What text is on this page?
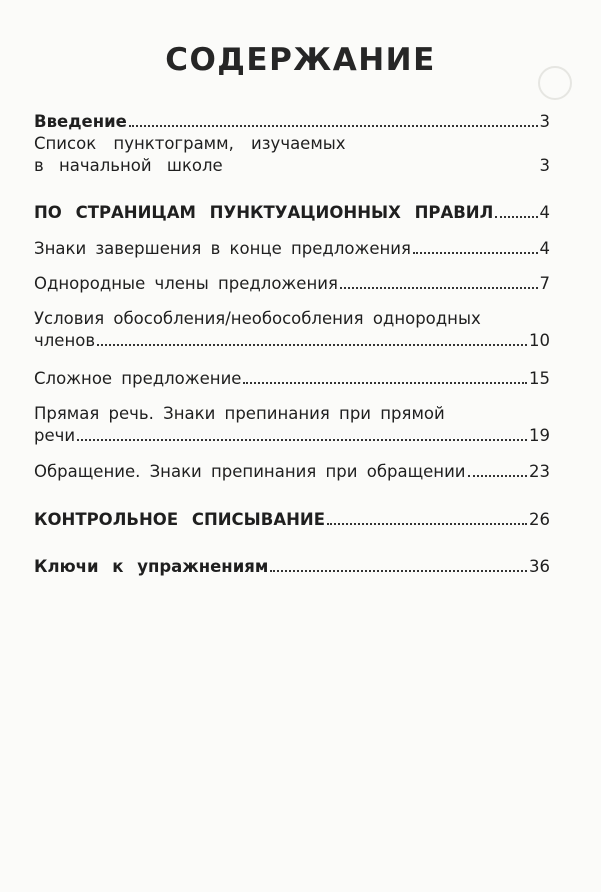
СОДЕРЖАНИЕ
Введение	3
Список пунктограмм, изучаемых
в начальной школе	3
ПО СТРАНИЦАМ ПУНКТУАЦИОННЫХ ПРАВИЛ	4
Знаки завершения в конце предложения	4
Однородные члены предложения	7
Условия обособления/необособления однородных
членов	10
Сложное предложение	15
Прямая речь. Знаки препинания при прямой
речи	19
Обращение. Знаки препинания при обращении	23
КОНТРОЛЬНОЕ СПИСЫВАНИЕ	26
Ключи к упражнениям	36
